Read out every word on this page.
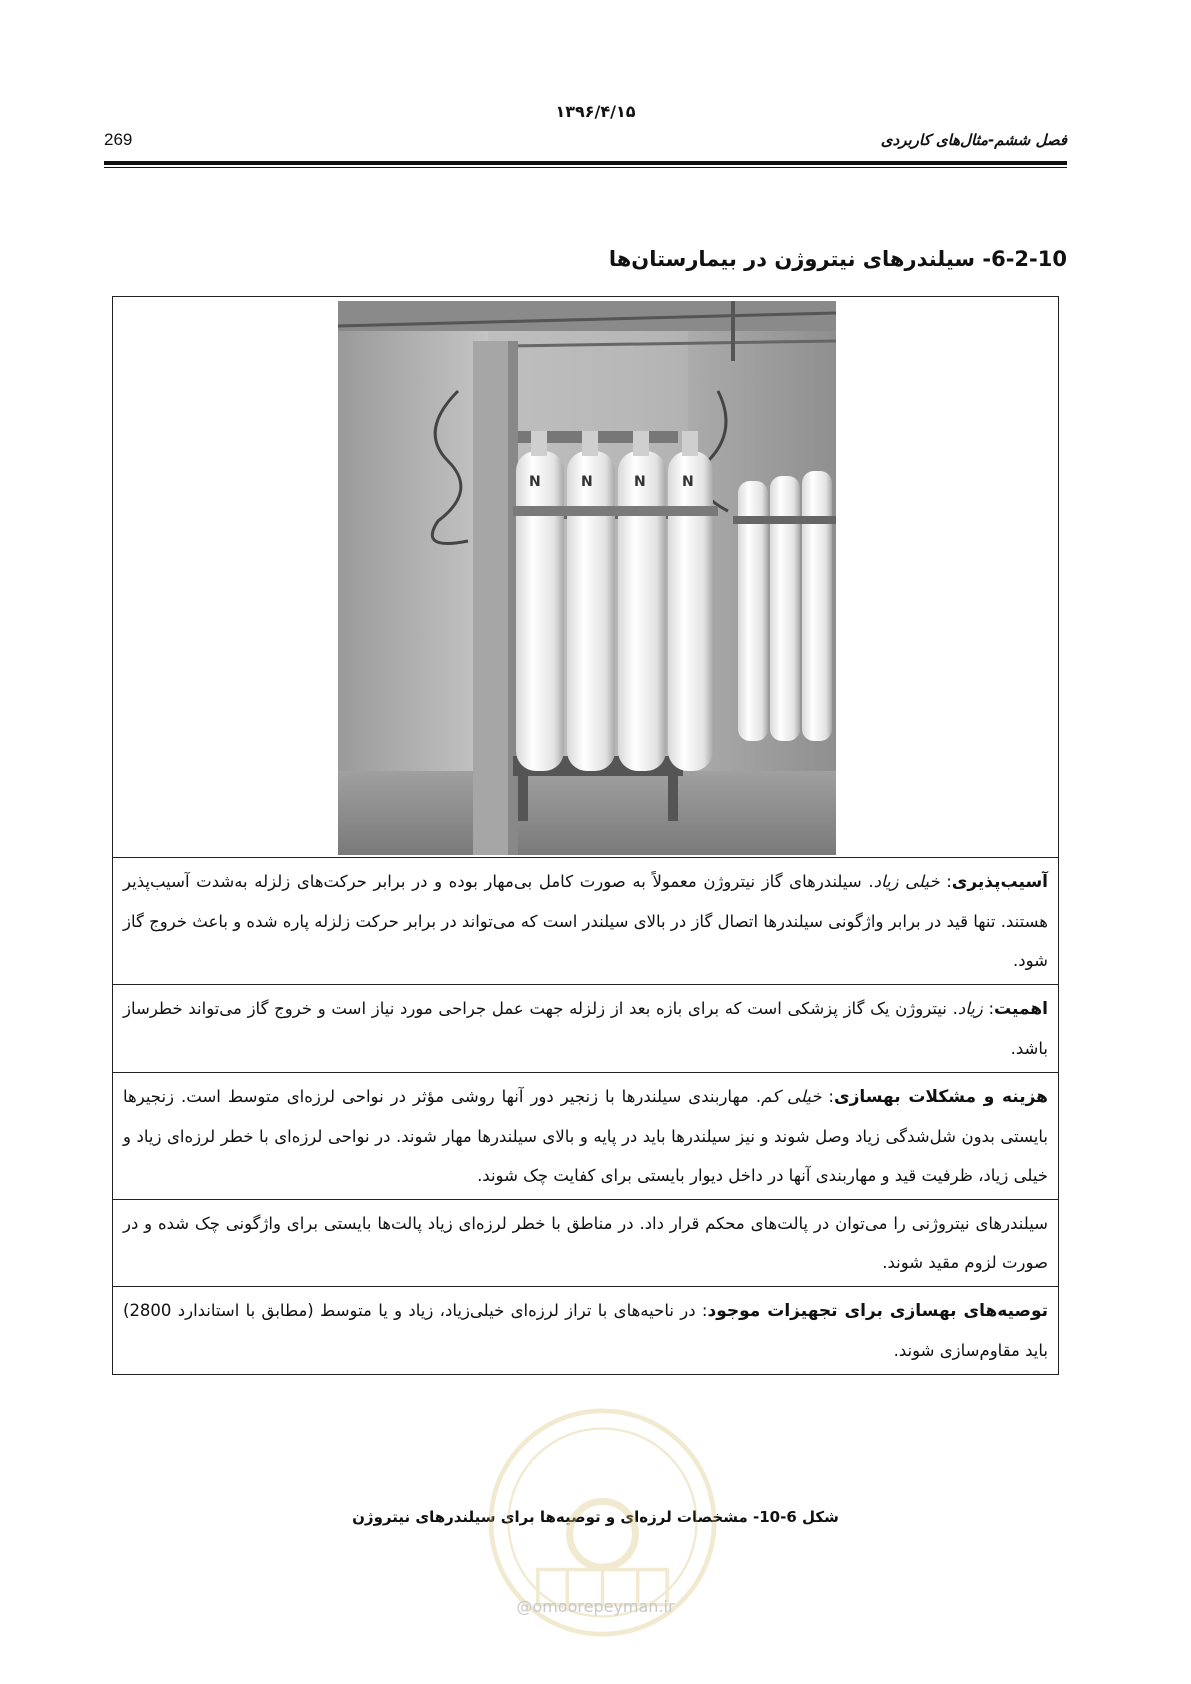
۱۳۹۶/۴/۱۵
269	فصل ششم-مثال‌های کاربردی
6-2-10- سیلندرهای نیتروژن در بیمارستان‌ها
N	N	N	N
آسیب‌پذیری: خیلی زیاد. سیلندرهای گاز نیتروژن معمولاً به صورت کامل بی‌مهار بوده و در برابر حرکت‌های زلزله به‌شدت آسیب‌پذیر هستند. تنها قید در برابر واژگونی سیلندرها اتصال گاز در بالای سیلندر است که می‌تواند در برابر حرکت زلزله پاره شده و باعث خروج گاز شود.
اهمیت: زیاد. نیتروژن یک گاز پزشکی است که برای بازه بعد از زلزله جهت عمل جراحی مورد نیاز است و خروج گاز می‌تواند خطرساز باشد.
هزینه و مشکلات بهسازی: خیلی کم. مهاربندی سیلندرها با زنجیر دور آنها روشی مؤثر در نواحی لرزه‌ای متوسط است. زنجیرها بایستی بدون شل‌شدگی زیاد وصل شوند و نیز سیلندرها باید در پایه و بالای سیلندرها مهار شوند. در نواحی لرزه‌ای با خطر لرزه‌ای زیاد و خیلی زیاد، ظرفیت قید و مهاربندی آنها در داخل دیوار بایستی برای کفایت چک شوند.
سیلندرهای نیتروژنی را می‌توان در پالت‌های محکم قرار داد. در مناطق با خطر لرزه‌ای زیاد پالت‌ها بایستی برای واژگونی چک شده و در صورت لزوم مقید شوند.
توصیه‌های بهسازی برای تجهیزات موجود: در ناحیه‌های با تراز لرزه‌ای خیلی‌زیاد، زیاد و یا متوسط (مطابق با استاندارد 2800) باید مقاوم‌سازی شوند.
شکل 6-10- مشخصات لرزه‌ای و توصیه‌ها برای سیلندرهای نیتروژن
@omoorepeyman.ir
